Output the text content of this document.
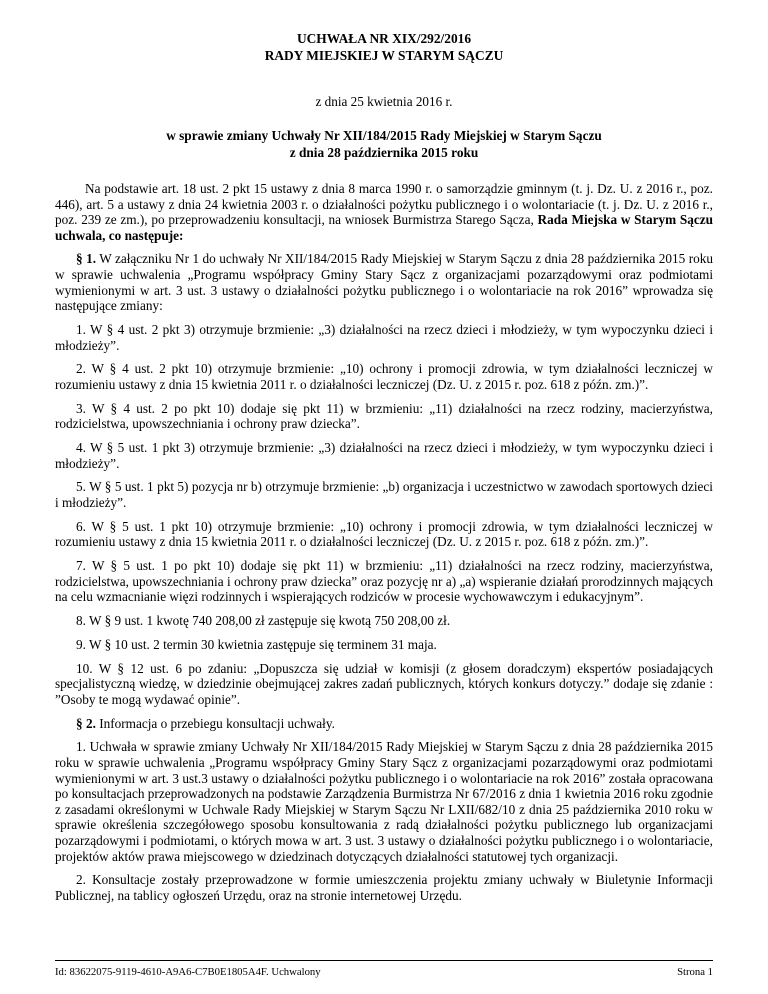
UCHWAŁA NR XIX/292/2016
RADY MIEJSKIEJ W STARYM SĄCZU
z dnia 25 kwietnia 2016 r.
w sprawie zmiany Uchwały Nr XII/184/2015 Rady Miejskiej w Starym Sączu
z dnia 28 października 2015 roku

Na podstawie art. 18 ust. 2 pkt 15 ustawy z dnia 8 marca 1990 r. o samorządzie gminnym (t. j. Dz. U. z 2016 r., poz. 446), art. 5 a ustawy z dnia 24 kwietnia 2003 r. o działalności pożytku publicznego i o wolontariacie (t. j. Dz. U. z 2016 r., poz. 239 ze zm.), po przeprowadzeniu konsultacji, na wniosek Burmistrza Starego Sącza, Rada Miejska w Starym Sączu uchwala, co następuje:

§ 1. W załączniku Nr 1 do uchwały Nr XII/184/2015 Rady Miejskiej w Starym Sączu z dnia 28 października 2015 roku w sprawie uchwalenia „Programu współpracy Gminy Stary Sącz z organizacjami pozarządowymi oraz podmiotami wymienionymi w art. 3 ust. 3 ustawy o działalności pożytku publicznego i o wolontariacie na rok 2016” wprowadza się następujące zmiany:

1. W § 4 ust. 2 pkt 3) otrzymuje brzmienie: „3) działalności na rzecz dzieci i młodzieży, w tym wypoczynku dzieci i młodzieży”.

2. W § 4 ust. 2 pkt 10) otrzymuje brzmienie: „10) ochrony i promocji zdrowia, w tym działalności leczniczej w rozumieniu ustawy z dnia 15 kwietnia 2011 r. o działalności leczniczej (Dz. U. z 2015 r. poz. 618 z późn. zm.)”.

3. W § 4 ust. 2 po pkt 10) dodaje się pkt 11) w brzmieniu: „11) działalności na rzecz rodziny, macierzyństwa, rodzicielstwa, upowszechniania i ochrony praw dziecka”.

4. W § 5 ust. 1 pkt 3) otrzymuje brzmienie: „3) działalności na rzecz dzieci i młodzieży, w tym wypoczynku dzieci i młodzieży”.

5. W § 5 ust. 1 pkt 5) pozycja nr b) otrzymuje brzmienie: „b) organizacja i uczestnictwo w zawodach sportowych dzieci i młodzieży”.

6. W § 5 ust. 1 pkt 10) otrzymuje brzmienie: „10) ochrony i promocji zdrowia, w tym działalności leczniczej w rozumieniu ustawy z dnia 15 kwietnia 2011 r. o działalności leczniczej (Dz. U. z 2015 r. poz. 618 z późn. zm.)”.

7. W § 5 ust. 1 po pkt 10) dodaje się pkt 11) w brzmieniu: „11) działalności na rzecz rodziny, macierzyństwa, rodzicielstwa, upowszechniania i ochrony praw dziecka” oraz pozycję nr a) „a) wspieranie działań prorodzinnych mających na celu wzmacnianie więzi rodzinnych i wspierających rodziców w procesie wychowawczym i edukacyjnym”.

8. W § 9 ust. 1 kwotę 740 208,00 zł zastępuje się kwotą 750 208,00 zł.

9. W § 10 ust. 2 termin 30 kwietnia zastępuje się terminem 31 maja.

10. W § 12 ust. 6 po zdaniu: „Dopuszcza się udział w komisji (z głosem doradczym) ekspertów posiadających specjalistyczną wiedzę, w dziedzinie obejmującej zakres zadań publicznych, których konkurs dotyczy.” dodaje się zdanie : ”Osoby te mogą wydawać opinie”.

§ 2. Informacja o przebiegu konsultacji uchwały.

1. Uchwała w sprawie zmiany Uchwały Nr XII/184/2015 Rady Miejskiej w Starym Sączu z dnia 28 października 2015 roku w sprawie uchwalenia „Programu współpracy Gminy Stary Sącz z organizacjami pozarządowymi oraz podmiotami wymienionymi w art. 3 ust.3 ustawy o działalności pożytku publicznego i o wolontariacie na rok 2016” została opracowana po konsultacjach przeprowadzonych na podstawie Zarządzenia Burmistrza Nr 67/2016 z dnia 1 kwietnia 2016 roku zgodnie z zasadami określonymi w Uchwale Rady Miejskiej w Starym Sączu Nr LXII/682/10 z dnia 25 października 2010 roku w sprawie określenia szczegółowego sposobu konsultowania z radą działalności pożytku publicznego lub organizacjami pozarządowymi i podmiotami, o których mowa w art. 3 ust. 3 ustawy o działalności pożytku publicznego i o wolontariacie, projektów aktów prawa miejscowego w dziedzinach dotyczących działalności statutowej tych organizacji.

2. Konsultacje zostały przeprowadzone w formie umieszczenia projektu zmiany uchwały w Biuletynie Informacji Publicznej, na tablicy ogłoszeń Urzędu, oraz na stronie internetowej Urzędu.

Id: 83622075-9119-4610-A9A6-C7B0E1805A4F. Uchwalony	Strona 1
